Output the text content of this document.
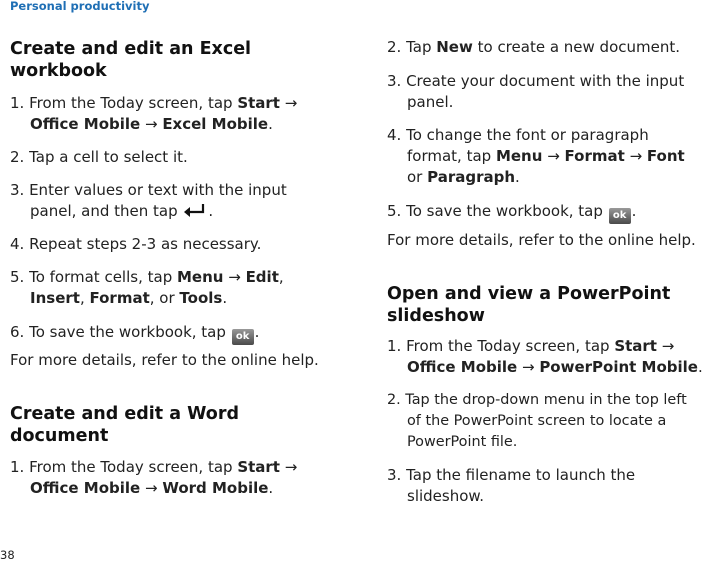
Personal productivity
Create and edit an Excel workbook

1. From the Today screen, tap Start →
Office Mobile → Excel Mobile.

2. Tap a cell to select it.

3. Enter values or text with the input
panel, and then tap .

4. Repeat steps 2-3 as necessary.

5. To format cells, tap Menu → Edit,
Insert, Format, or Tools.

6. To save the workbook, tap ok .

For more details, refer to the online help.

Create and edit a Word document

1. From the Today screen, tap Start →
Office Mobile → Word Mobile.

2. Tap New to create a new document.

3. Create your document with the input
panel.

4. To change the font or paragraph
format, tap Menu → Format → Font
or Paragraph.

5. To save the workbook, tap ok .

For more details, refer to the online help.

Open and view a PowerPoint slideshow

1. From the Today screen, tap Start →
Office Mobile → PowerPoint Mobile.

2. Tap the drop-down menu in the top left
of the PowerPoint screen to locate a
PowerPoint file.

3. Tap the filename to launch the
slideshow.

38
